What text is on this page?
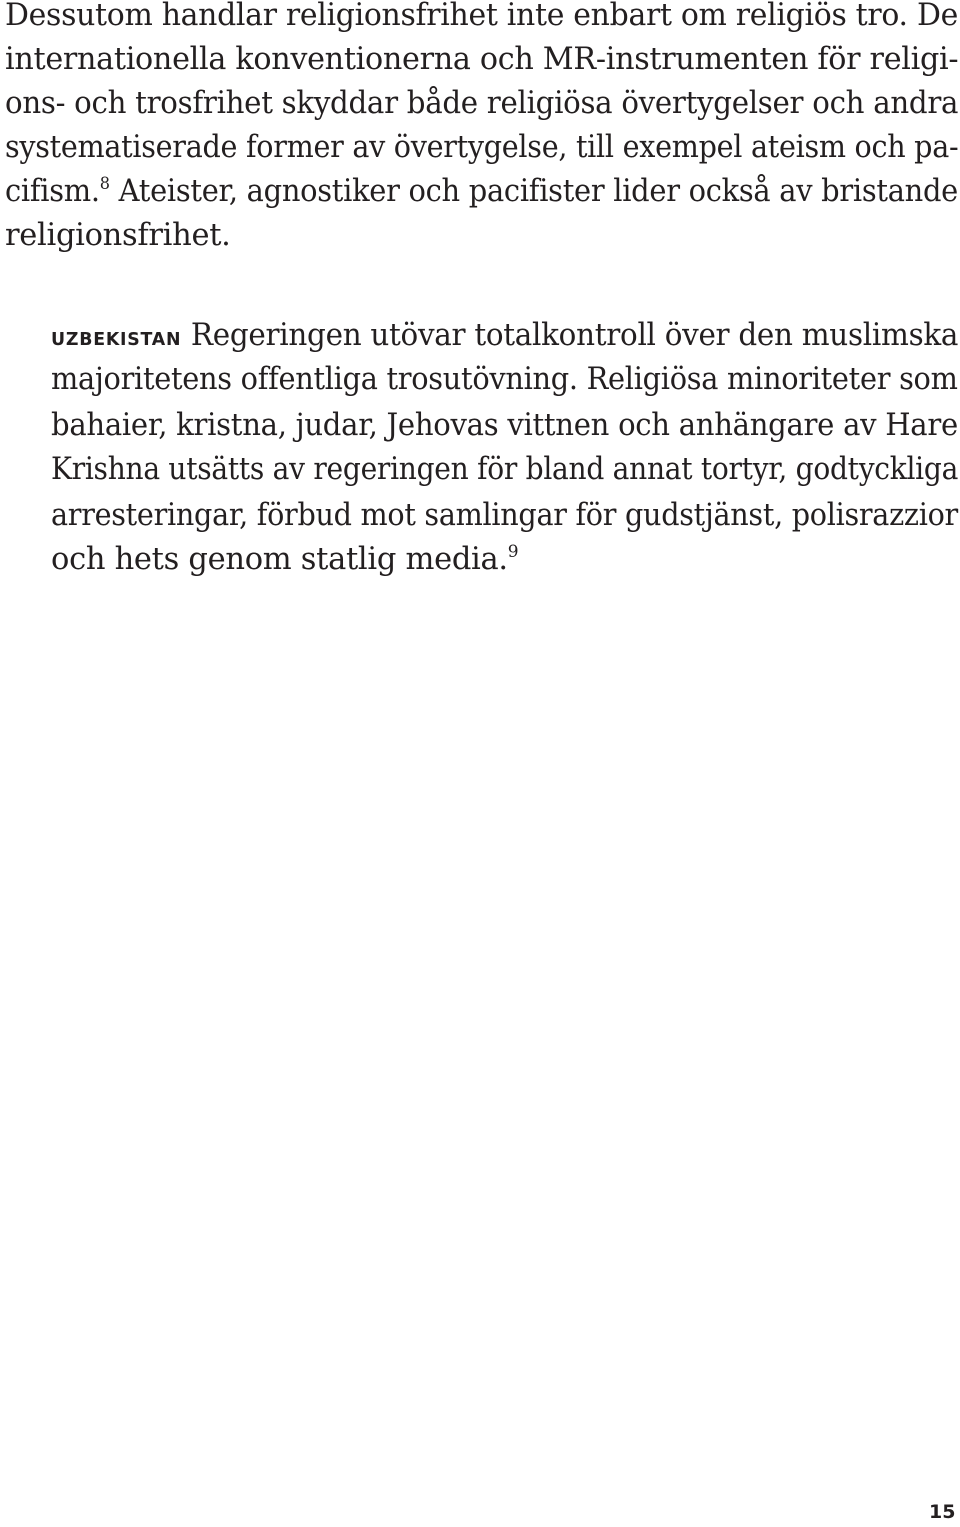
Dessutom handlar religionsfrihet inte enbart om religiös tro. De
internationella konventionerna och MR-instrumenten för religi-
ons- och trosfrihet skyddar både religiösa övertygelser och andra
systematiserade former av övertygelse, till exempel ateism och pa-
cifism.$^8$ Ateister, agnostiker och pacifister lider också av bristande
religionsfrihet.
UZBEKISTAN Regeringen utövar totalkontroll över den muslimska
majoritetens offentliga trosutövning. Religiösa minoriteter som
bahaier, kristna, judar, Jehovas vittnen och anhängare av Hare
Krishna utsätts av regeringen för bland annat tortyr, godtyckliga
arresteringar, förbud mot samlingar för gudstjänst, polisrazzior
och hets genom statlig media.$^9$
15
